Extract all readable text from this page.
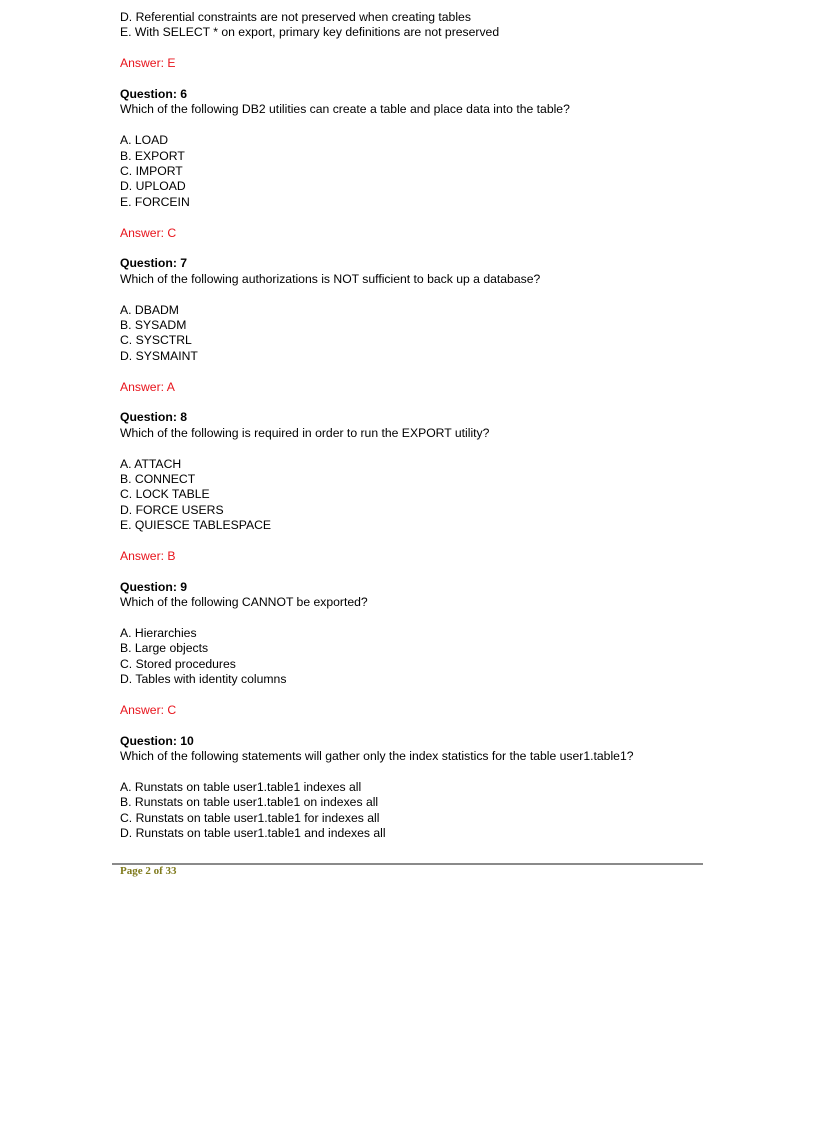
D. Referential constraints are not preserved when creating tables
E. With SELECT * on export, primary key definitions are not preserved
Answer: E
Question: 6
Which of the following DB2 utilities can create a table and place data into the table?
A. LOAD
B. EXPORT
C. IMPORT
D. UPLOAD
E. FORCEIN
Answer: C
Question: 7
Which of the following authorizations is NOT sufficient to back up a database?
A. DBADM
B. SYSADM
C. SYSCTRL
D. SYSMAINT
Answer: A
Question: 8
Which of the following is required in order to run the EXPORT utility?
A. ATTACH
B. CONNECT
C. LOCK TABLE
D. FORCE USERS
E. QUIESCE TABLESPACE
Answer: B
Question: 9
Which of the following CANNOT be exported?
A. Hierarchies
B. Large objects
C. Stored procedures
D. Tables with identity columns
Answer: C
Question: 10
Which of the following statements will gather only the index statistics for the table user1.table1?
A. Runstats on table user1.table1 indexes all
B. Runstats on table user1.table1 on indexes all
C. Runstats on table user1.table1 for indexes all
D. Runstats on table user1.table1 and indexes all
Page 2 of 33
